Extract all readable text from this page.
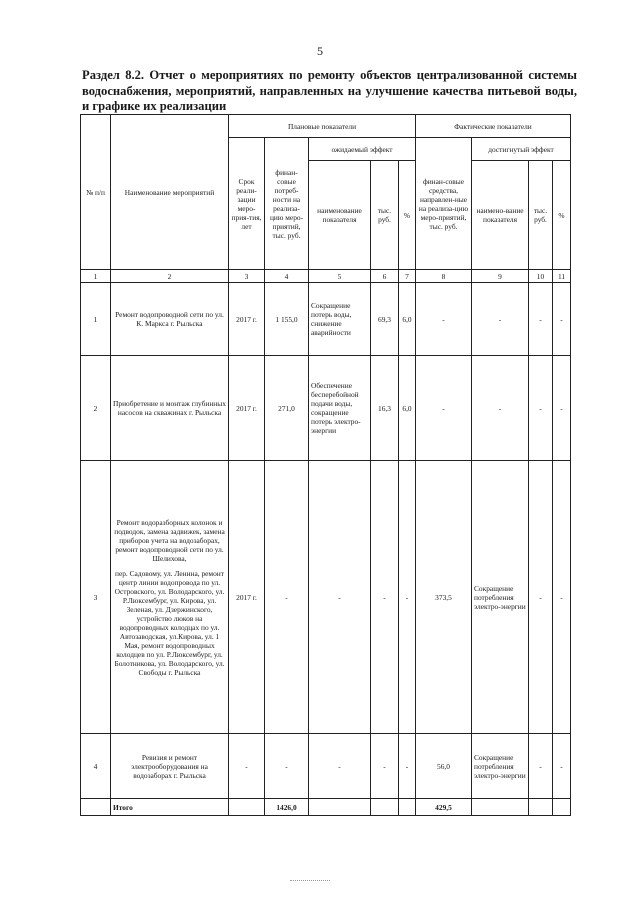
5
Раздел 8.2. Отчет о мероприятиях по ремонту объектов централизованной системы водоснабжения, мероприятий, направленных на улучшение качества питьевой воды, и графике их реализации
№ п/п	Наименование мероприятий	Плановые показатели					Фактические показатели			
		Срок реали-зации меро-прия-тия, лет	финан-совые потреб-ности на реализа-цию меро-приятий, тыс. руб.	ожидаемый эффект			финан-совые средства, направлен-ные на реализа-цию меро-приятий, тыс. руб.	достигнутый эффект		
				наименование показателя	тыс. руб.	%		наимено-вание показателя	тыс. руб.	%
1	2	3	4	5	6	7	8	9	10	11
1	Ремонт водопроводной сети по ул. К. Маркса г. Рыльска	2017 г.	1 155,0	Сокращение потерь воды, снижение аварийности	69,3	6,0	-	-	-	-
2	Приобретение и монтаж глубинных насосов на скважинах г. Рыльска	2017 г.	271,0	Обеспечение бесперебойной подачи воды, сокращение потерь электро-энергии	16,3	6,0	-	-	-	-
3	Ремонт водоразборных колонок и подводок, замена задвижек, замена приборов учета на водозаборах, ремонт водопроводной сети по ул. Шелихова,
пер. Садовому, ул. Ленина, ремонт центр линии водопровода по ул. Островского, ул. Володарского, ул. Р.Люксембург, ул. Кирова, ул. Зеленая, ул. Дзержинского, устройство люков на водопроводных колодцах по ул. Автозаводская, ул.Кирова, ул. 1 Мая, ремонт водопроводных колодцев по ул. Р.Люксембург, ул. Болотникова, ул. Володарского, ул. Свободы г. Рыльска	2017 г.	-	-	-	-	373,5	Сокращение потребления электро-энергии	-	-
4	Ревизия и ремонт электрооборудования на водозаборах г. Рыльска	-	-	-	-	-	56,0	Сокращение потребления электро-энергии	-	-
	Итого		1426,0				429,5			
